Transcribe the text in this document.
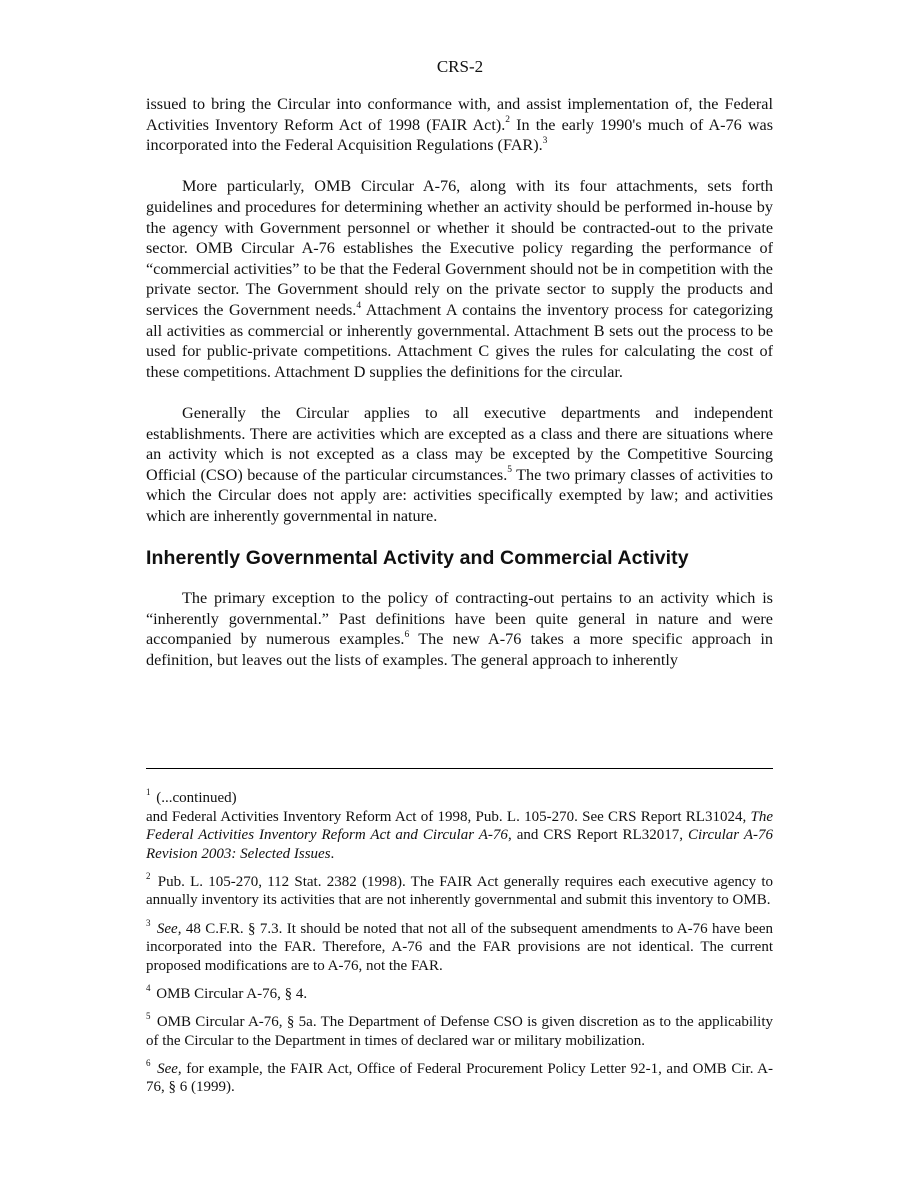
CRS-2

issued to bring the Circular into conformance with, and assist implementation of, the Federal Activities Inventory Reform Act of 1998 (FAIR Act).$^2$ In the early 1990's much of A-76 was incorporated into the Federal Acquisition Regulations (FAR).$^3$

More particularly, OMB Circular A-76, along with its four attachments, sets forth guidelines and procedures for determining whether an activity should be performed in-house by the agency with Government personnel or whether it should be contracted-out to the private sector. OMB Circular A-76 establishes the Executive policy regarding the performance of “commercial activities” to be that the Federal Government should not be in competition with the private sector. The Government should rely on the private sector to supply the products and services the Government needs.$^4$ Attachment A contains the inventory process for categorizing all activities as commercial or inherently governmental. Attachment B sets out the process to be used for public-private competitions. Attachment C gives the rules for calculating the cost of these competitions. Attachment D supplies the definitions for the circular.

Generally the Circular applies to all executive departments and independent establishments. There are activities which are excepted as a class and there are situations where an activity which is not excepted as a class may be excepted by the Competitive Sourcing Official (CSO) because of the particular circumstances.$^5$ The two primary classes of activities to which the Circular does not apply are: activities specifically exempted by law; and activities which are inherently governmental in nature.

Inherently Governmental Activity and Commercial Activity

The primary exception to the policy of contracting-out pertains to an activity which is “inherently governmental.” Past definitions have been quite general in nature and were accompanied by numerous examples.$^6$ The new A-76 takes a more specific approach in definition, but leaves out the lists of examples. The general approach to inherently

$^1$ (...continued)
and Federal Activities Inventory Reform Act of 1998, Pub. L. 105-270. See CRS Report RL31024, The Federal Activities Inventory Reform Act and Circular A-76, and CRS Report RL32017, Circular A-76 Revision 2003: Selected Issues.
$^2$ Pub. L. 105-270, 112 Stat. 2382 (1998). The FAIR Act generally requires each executive agency to annually inventory its activities that are not inherently governmental and submit this inventory to OMB.
$^3$ See, 48 C.F.R. § 7.3. It should be noted that not all of the subsequent amendments to A-76 have been incorporated into the FAR. Therefore, A-76 and the FAR provisions are not identical. The current proposed modifications are to A-76, not the FAR.
$^4$ OMB Circular A-76, § 4.
$^5$ OMB Circular A-76, § 5a. The Department of Defense CSO is given discretion as to the applicability of the Circular to the Department in times of declared war or military mobilization.
$^6$ See, for example, the FAIR Act, Office of Federal Procurement Policy Letter 92-1, and OMB Cir. A-76, § 6 (1999).
